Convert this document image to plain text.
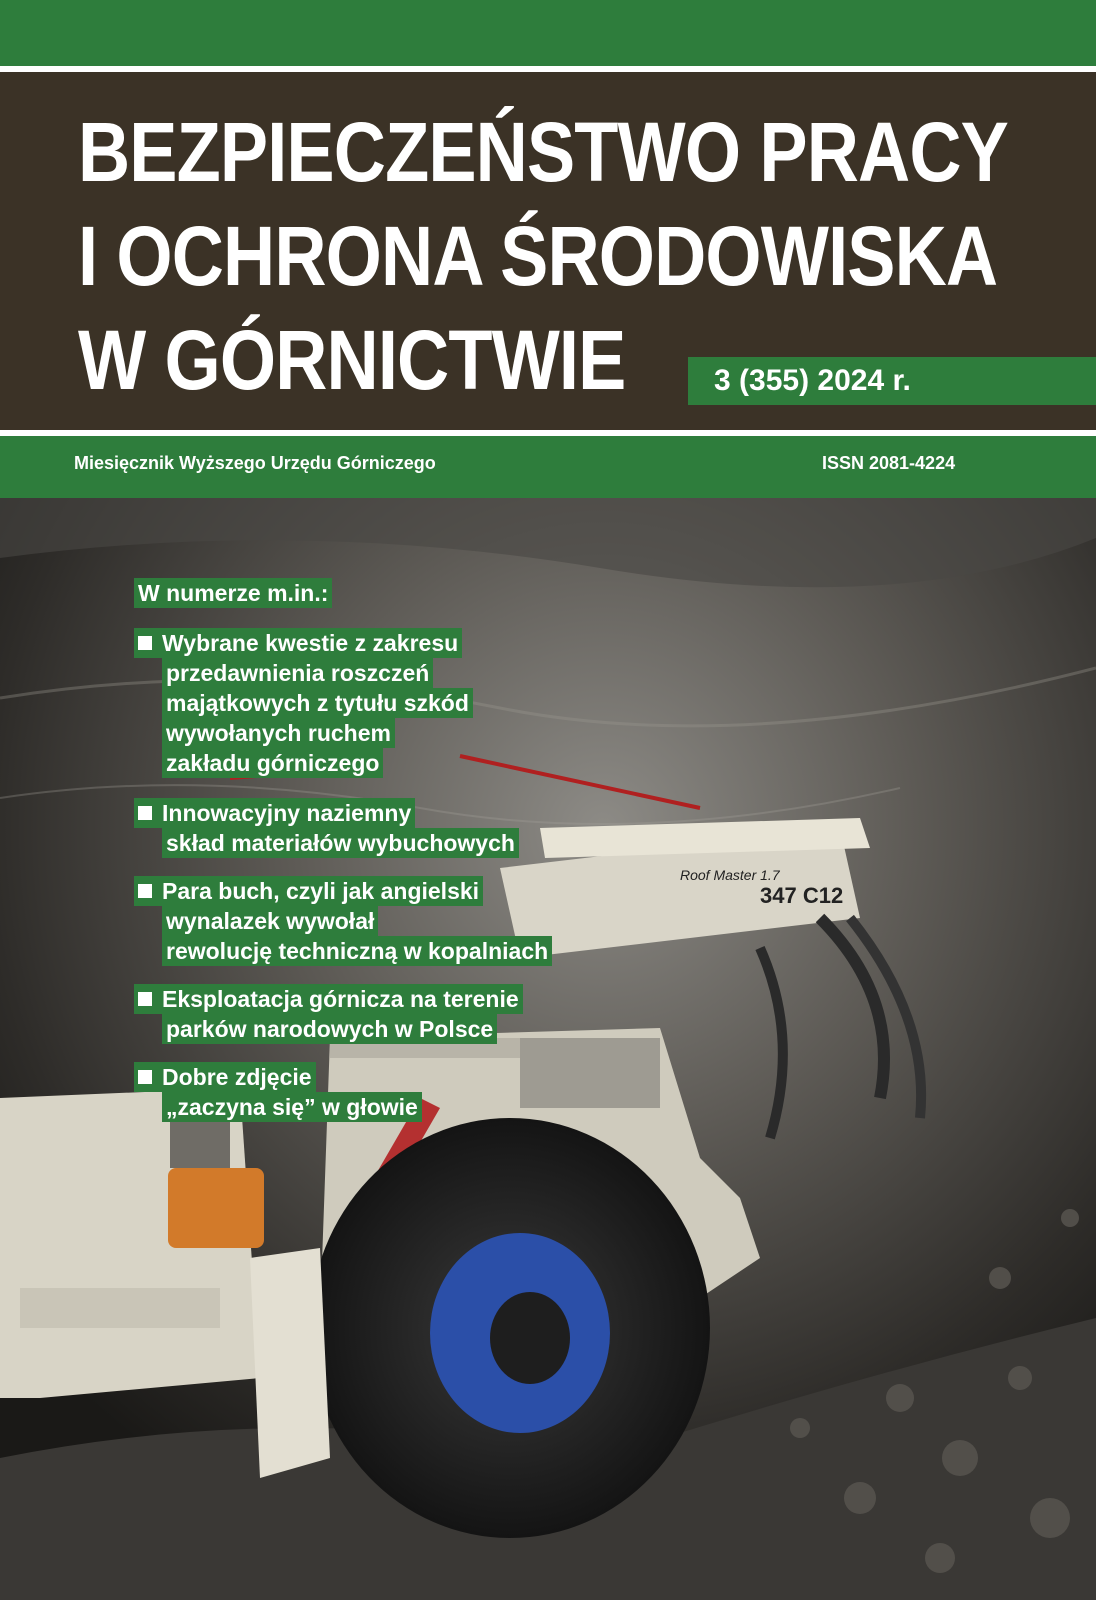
BEZPIECZEŃSTWO PRACY
I OCHRONA ŚRODOWISKA
W GÓRNICTWIE	3 (355) 2024 r.
Miesięcznik Wyższego Urzędu Górniczego	ISSN 2081-4224
Roof Master 1.7
347 C12
W numerze m.in.:
Wybrane kwestie z zakresu
przedawnienia roszczeń
majątkowych z tytułu szkód
wywołanych ruchem
zakładu górniczego
Innowacyjny naziemny
skład materiałów wybuchowych
Para buch, czyli jak angielski
wynalazek wywołał
rewolucję techniczną w kopalniach
Eksploatacja górnicza na terenie
parków narodowych w Polsce
Dobre zdjęcie
„zaczyna się” w głowie
